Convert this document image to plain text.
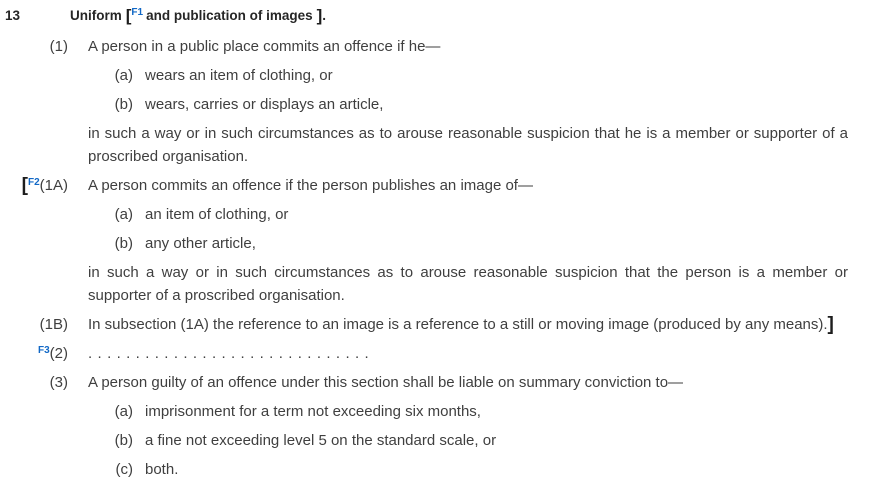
13	Uniform [$^{F1}$ and publication of images ].
(1) A person in a public place commits an offence if he—
(a) wears an item of clothing, or
(b) wears, carries or displays an article,
in such a way or in such circumstances as to arouse reasonable suspicion that he is a member or supporter of a proscribed organisation.
[$^{F2}$(1A) A person commits an offence if the person publishes an image of—
(a) an item of clothing, or
(b) any other article,
in such a way or in such circumstances as to arouse reasonable suspicion that the person is a member or supporter of a proscribed organisation.
(1B) In subsection (1A) the reference to an image is a reference to a still or moving image (produced by any means).]
$^{F3}$(2) . . . . . . . . . . . . . . . . . . . . . . . . . . . . . .
(3) A person guilty of an offence under this section shall be liable on summary conviction to—
(a) imprisonment for a term not exceeding six months,
(b) a fine not exceeding level 5 on the standard scale, or
(c) both.
